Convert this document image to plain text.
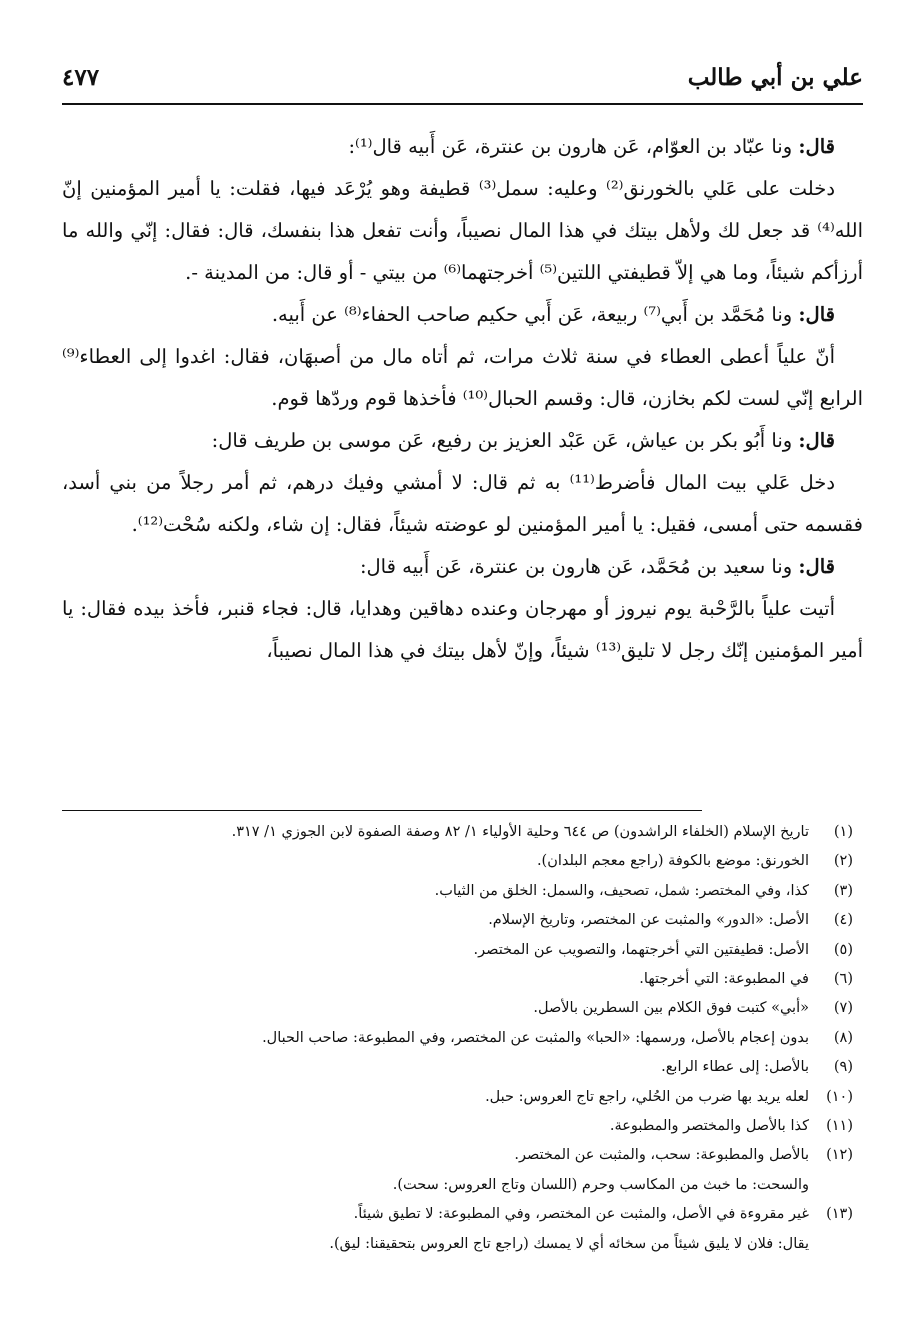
علي بن أبي طالب
٤٧٧

قال: ونا عبّاد بن العوّام، عَن هارون بن عنترة، عَن أَبيه قال⁽¹⁾:

دخلت على عَلي بالخورنق⁽²⁾ وعليه: سمل⁽³⁾ قطيفة وهو يُرْعَد فيها، فقلت: يا أمير المؤمنين إنّ الله⁽⁴⁾ قد جعل لك ولأهل بيتك في هذا المال نصيباً، وأنت تفعل هذا بنفسك، قال: فقال: إنّي والله ما أرزأكم شيئاً، وما هي إلاّ قطيفتي اللتين⁽⁵⁾ أخرجتهما⁽⁶⁾ من بيتي - أو قال: من المدينة -.

قال: ونا مُحَمَّد بن أَبي⁽⁷⁾ ربيعة، عَن أَبي حكيم صاحب الحفاء⁽⁸⁾ عن أَبيه.

أنّ علياً أعطى العطاء في سنة ثلاث مرات، ثم أتاه مال من أصبهَان، فقال: اغدوا إلى العطاء⁽⁹⁾ الرابع إنّي لست لكم بخازن، قال: وقسم الحبال⁽¹⁰⁾ فأخذها قوم وردّها قوم.

قال: ونا أَبُو بكر بن عياش، عَن عَبْد العزيز بن رفيع، عَن موسى بن طريف قال:

دخل عَلي بيت المال فأضرط⁽¹¹⁾ به ثم قال: لا أمشي وفيك درهم، ثم أمر رجلاً من بني أسد، فقسمه حتى أمسى، فقيل: يا أمير المؤمنين لو عوضته شيئاً، فقال: إن شاء، ولكنه سُحْت⁽¹²⁾.

قال: ونا سعيد بن مُحَمَّد، عَن هارون بن عنترة، عَن أَبيه قال:

أتيت علياً بالرَّحْبة يوم نيروز أو مهرجان وعنده دهاقين وهدايا، قال: فجاء قنبر، فأخذ بيده فقال: يا أمير المؤمنين إنّك رجل لا تليق⁽¹³⁾ شيئاً، وإنّ لأهل بيتك في هذا المال نصيباً،

(١)
تاريخ الإسلام (الخلفاء الراشدون) ص ٦٤٤ وحلية الأولياء ١/ ٨٢ وصفة الصفوة لابن الجوزي ١/ ٣١٧.
(٢)
الخورنق: موضع بالكوفة (راجع معجم البلدان).
(٣)
كذا، وفي المختصر: شمل، تصحيف، والسمل: الخلق من الثياب.
(٤)
الأصل: «الدور» والمثبت عن المختصر، وتاريخ الإسلام.
(٥)
الأصل: قطيفتين التي أخرجتهما، والتصويب عن المختصر.
(٦)
في المطبوعة: التي أخرجتها.
(٧)
«أبي» كتبت فوق الكلام بين السطرين بالأصل.
(٨)
بدون إعجام بالأصل، ورسمها: «الحبا» والمثبت عن المختصر، وفي المطبوعة: صاحب الحبال.
(٩)
بالأصل: إلى عطاء الرابع.
(١٠)
لعله يريد بها ضرب من الحُلي، راجع تاج العروس: حبل.
(١١)
كذا بالأصل والمختصر والمطبوعة.
(١٢)
بالأصل والمطبوعة: سحب، والمثبت عن المختصر.
والسحت: ما خبث من المكاسب وحرم (اللسان وتاج العروس: سحت).
(١٣)
غير مقروءة في الأصل، والمثبت عن المختصر، وفي المطبوعة: لا تطيق شيئاً.
يقال: فلان لا يليق شيئاً من سخائه أي لا يمسك (راجع تاج العروس بتحقيقنا: ليق).
